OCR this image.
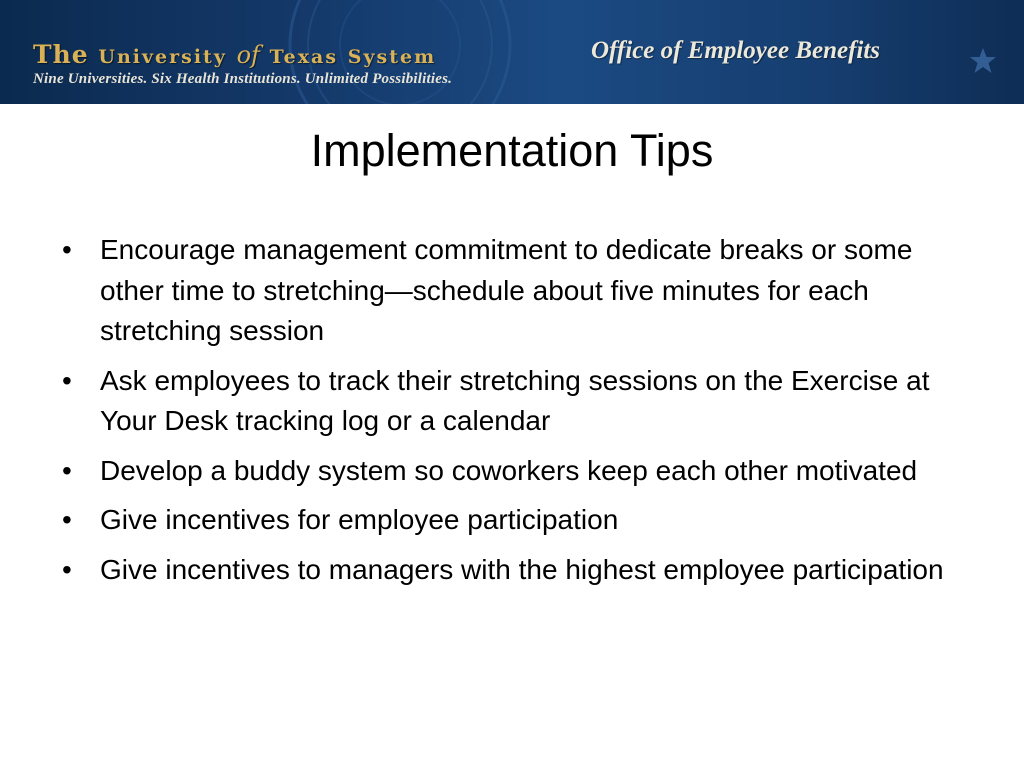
The University of Texas System
Nine Universities. Six Health Institutions. Unlimited Possibilities.
Office of Employee Benefits
Implementation Tips
• Encourage management commitment to dedicate breaks or some other time to stretching—schedule about five minutes for each stretching session
• Ask employees to track their stretching sessions on the Exercise at Your Desk tracking log or a calendar
• Develop a buddy system so coworkers keep each other motivated
• Give incentives for employee participation
• Give incentives to managers with the highest employee participation
